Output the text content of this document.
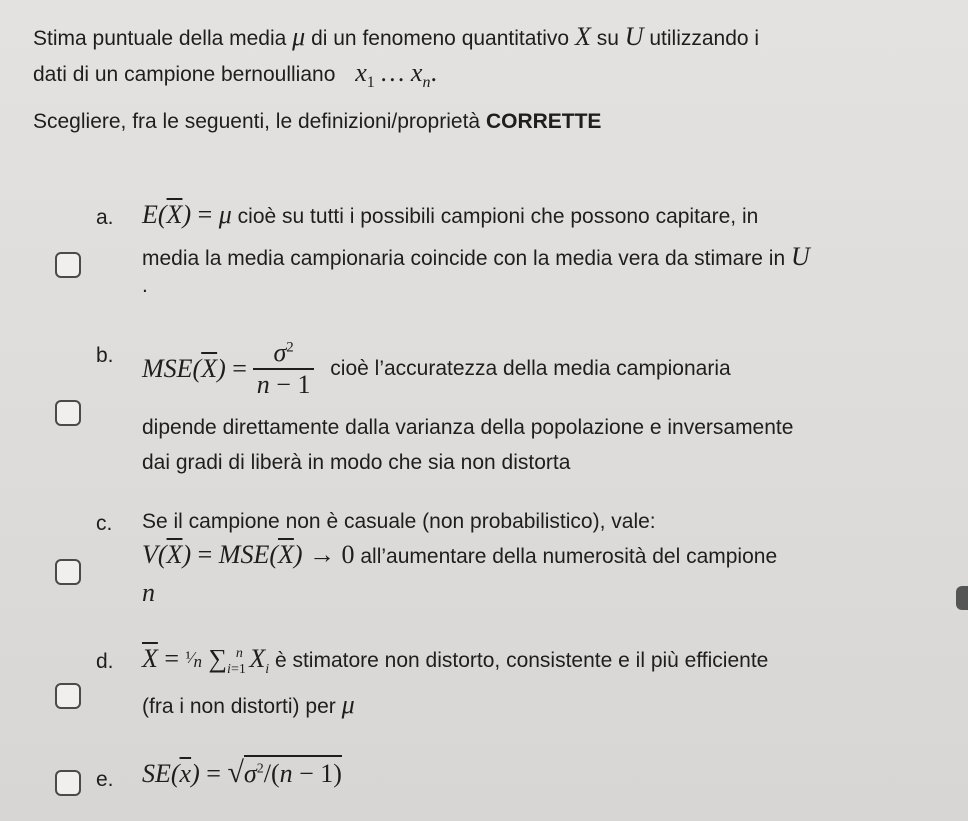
Stima puntuale della media μ di un fenomeno quantitativo X su U utilizzando i
dati di un campione bernoulliano $x_1$ … $x_n$.
Scegliere, fra le seguenti, le definizioni/proprietà CORRETTE
a. $E(\overline{X}) = \mu$ cioè su tutti i possibili campioni che possono capitare, in
media la media campionaria coincide con la media vera da stimare in U
.
b. $MSE(\overline{X}) = \frac{\sigma^2}{n - 1}$ cioè l’accuratezza della media campionaria
dipende direttamente dalla varianza della popolazione e inversamente
dai gradi di liberà in modo che sia non distorta
c. Se il campione non è casuale (non probabilistico), vale:
$V(\overline{X}) = MSE(\overline{X}) \to 0$ all’aumentare della numerosità del campione
n
d. $\overline{X}$ = ¹⁄n $\sum_{i=1}^n$ $X_i$ è stimatore non distorto, consistente e il più efficiente
(fra i non distorti) per μ
e. $SE(\overline{x}) = √\sigma^2/(n - 1)$
